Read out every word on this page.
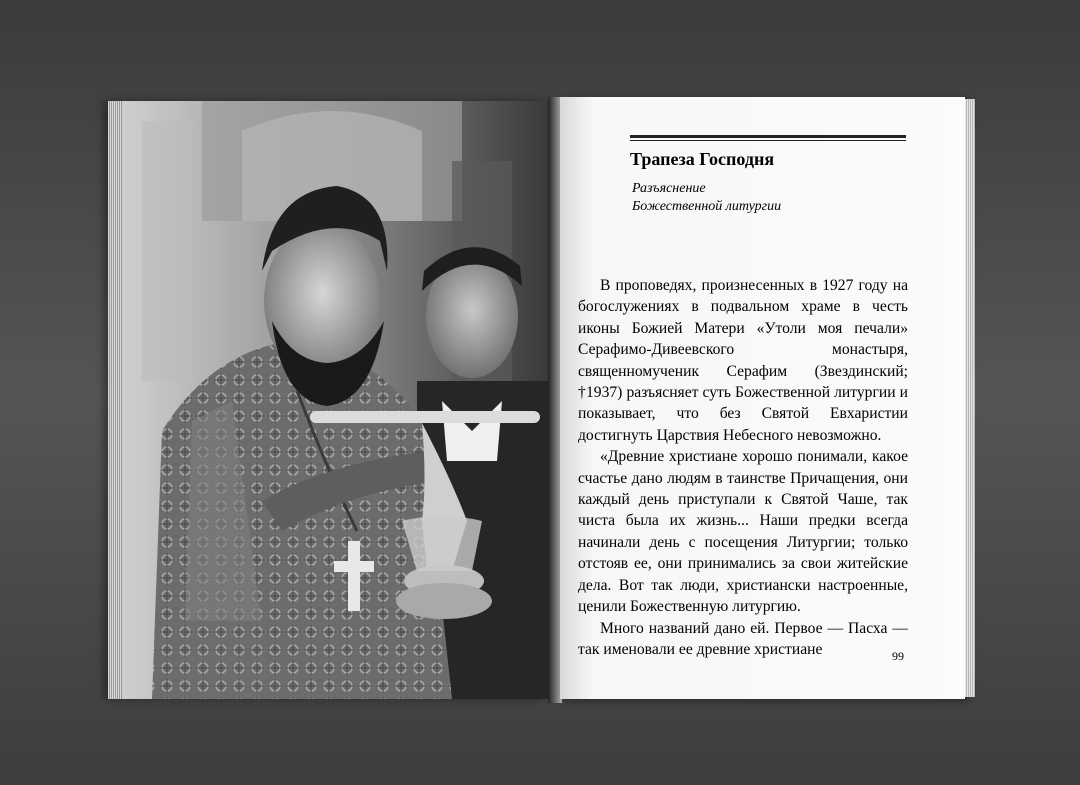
Трапеза Господня
Разъяснение
Божественной литургии

В проповедях, произнесенных в 1927 году на богослужениях в подвальном храме в честь иконы Божией Матери «Утоли моя печали» Серафимо-Дивеевского монастыря, священномученик Серафим (Звездинский; †1937) разъясняет суть Божественной литургии и показывает, что без Святой Евхаристии достигнуть Царствия Небесного невозможно.

«Древние христиане хорошо понимали, какое счастье дано людям в таинстве Причащения, они каждый день приступали к Святой Чаше, так чиста была их жизнь... Наши предки всегда начинали день с посещения Литургии; только отстояв ее, они принимались за свои житейские дела. Вот так люди, христиански настроенные, ценили Божественную литургию.

Много названий дано ей. Первое — Пасха — так именовали ее древние христиане	99
